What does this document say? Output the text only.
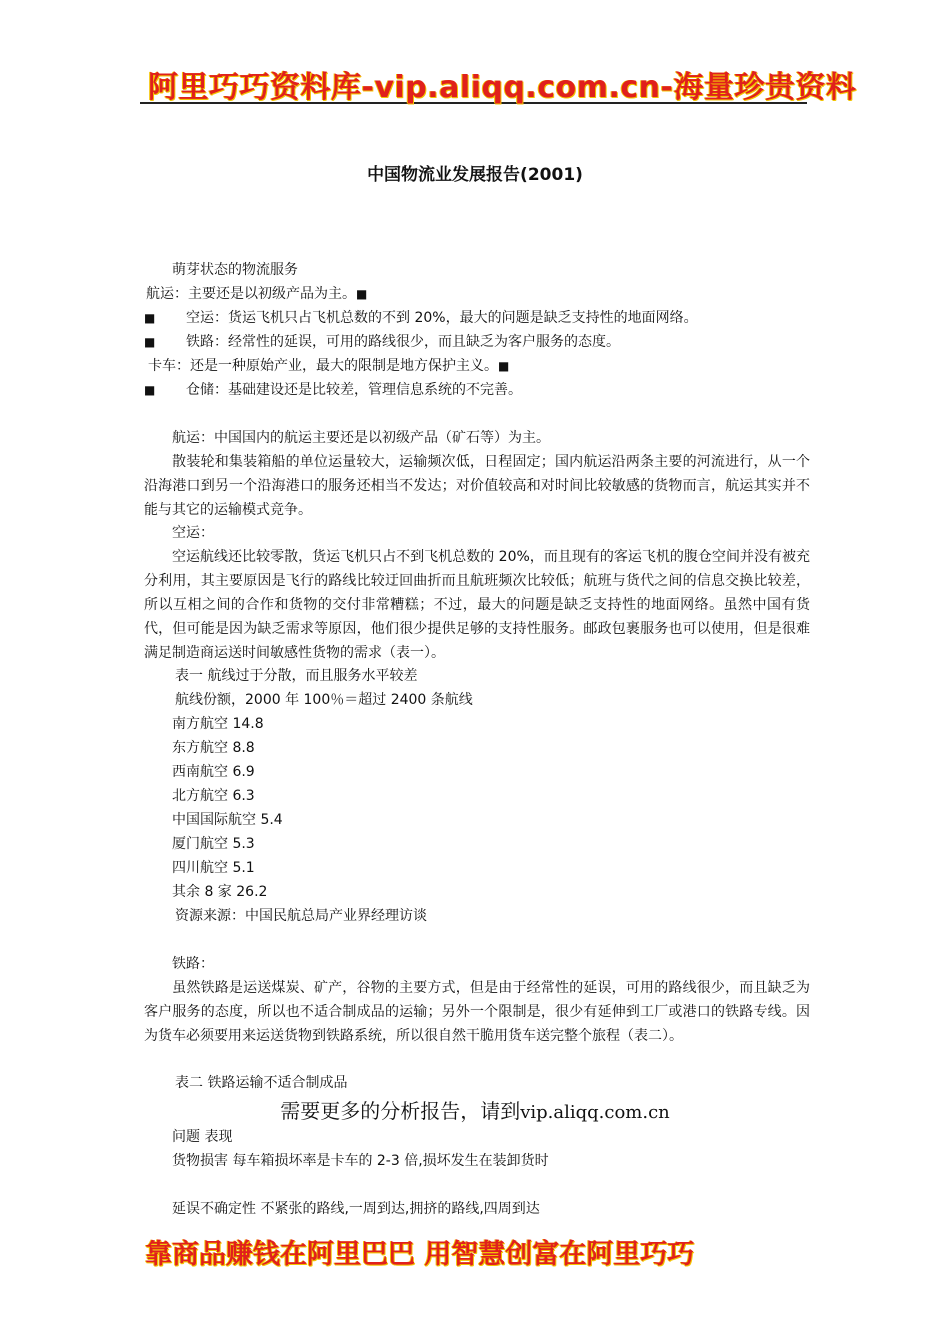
阿里巧巧资料库-vip.aliqq.com.cn-海量珍贵资料
中国物流业发展报告(2001)
萌芽状态的物流服务
航运：主要还是以初级产品为主。■
■ 空运：货运飞机只占飞机总数的不到 20%，最大的问题是缺乏支持性的地面网络。
■ 铁路：经常性的延误，可用的路线很少，而且缺乏为客户服务的态度。
卡车：还是一种原始产业，最大的限制是地方保护主义。■
■ 仓储：基础建设还是比较差，管理信息系统的不完善。
航运：中国国内的航运主要还是以初级产品（矿石等）为主。
散装轮和集装箱船的单位运量较大，运输频次低，日程固定；国内航运沿两条主要的河流进行，从一个沿海港口到另一个沿海港口的服务还相当不发达；对价值较高和对时间比较敏感的货物而言，航运其实并不能与其它的运输模式竞争。
空运：
空运航线还比较零散，货运飞机只占不到飞机总数的 20%，而且现有的客运飞机的腹仓空间并没有被充分利用，其主要原因是飞行的路线比较迂回曲折而且航班频次比较低；航班与货代之间的信息交换比较差，所以互相之间的合作和货物的交付非常糟糕；不过，最大的问题是缺乏支持性的地面网络。虽然中国有货代，但可能是因为缺乏需求等原因，他们很少提供足够的支持性服务。邮政包裹服务也可以使用，但是很难满足制造商运送时间敏感性货物的需求（表一）。
表一 航线过于分散，而且服务水平较差
航线份额，2000 年 100％＝超过 2400 条航线
南方航空 14.8
东方航空 8.8
西南航空 6.9
北方航空 6.3
中国国际航空 5.4
厦门航空 5.3
四川航空 5.1
其余 8 家 26.2
资源来源：中国民航总局产业界经理访谈
铁路：
虽然铁路是运送煤炭、矿产，谷物的主要方式，但是由于经常性的延误，可用的路线很少，而且缺乏为客户服务的态度，所以也不适合制成品的运输；另外一个限制是，很少有延伸到工厂或港口的铁路专线。因为货车必须要用来运送货物到铁路系统，所以很自然干脆用货车送完整个旅程（表二）。
表二 铁路运输不适合制成品
需要更多的分析报告，请到vip.aliqq.com.cn
问题 表现
货物损害 每车箱损坏率是卡车的 2-3 倍,损坏发生在装卸货时
延误不确定性 不紧张的路线,一周到达,拥挤的路线,四周到达
靠商品赚钱在阿里巴巴 用智慧创富在阿里巧巧
